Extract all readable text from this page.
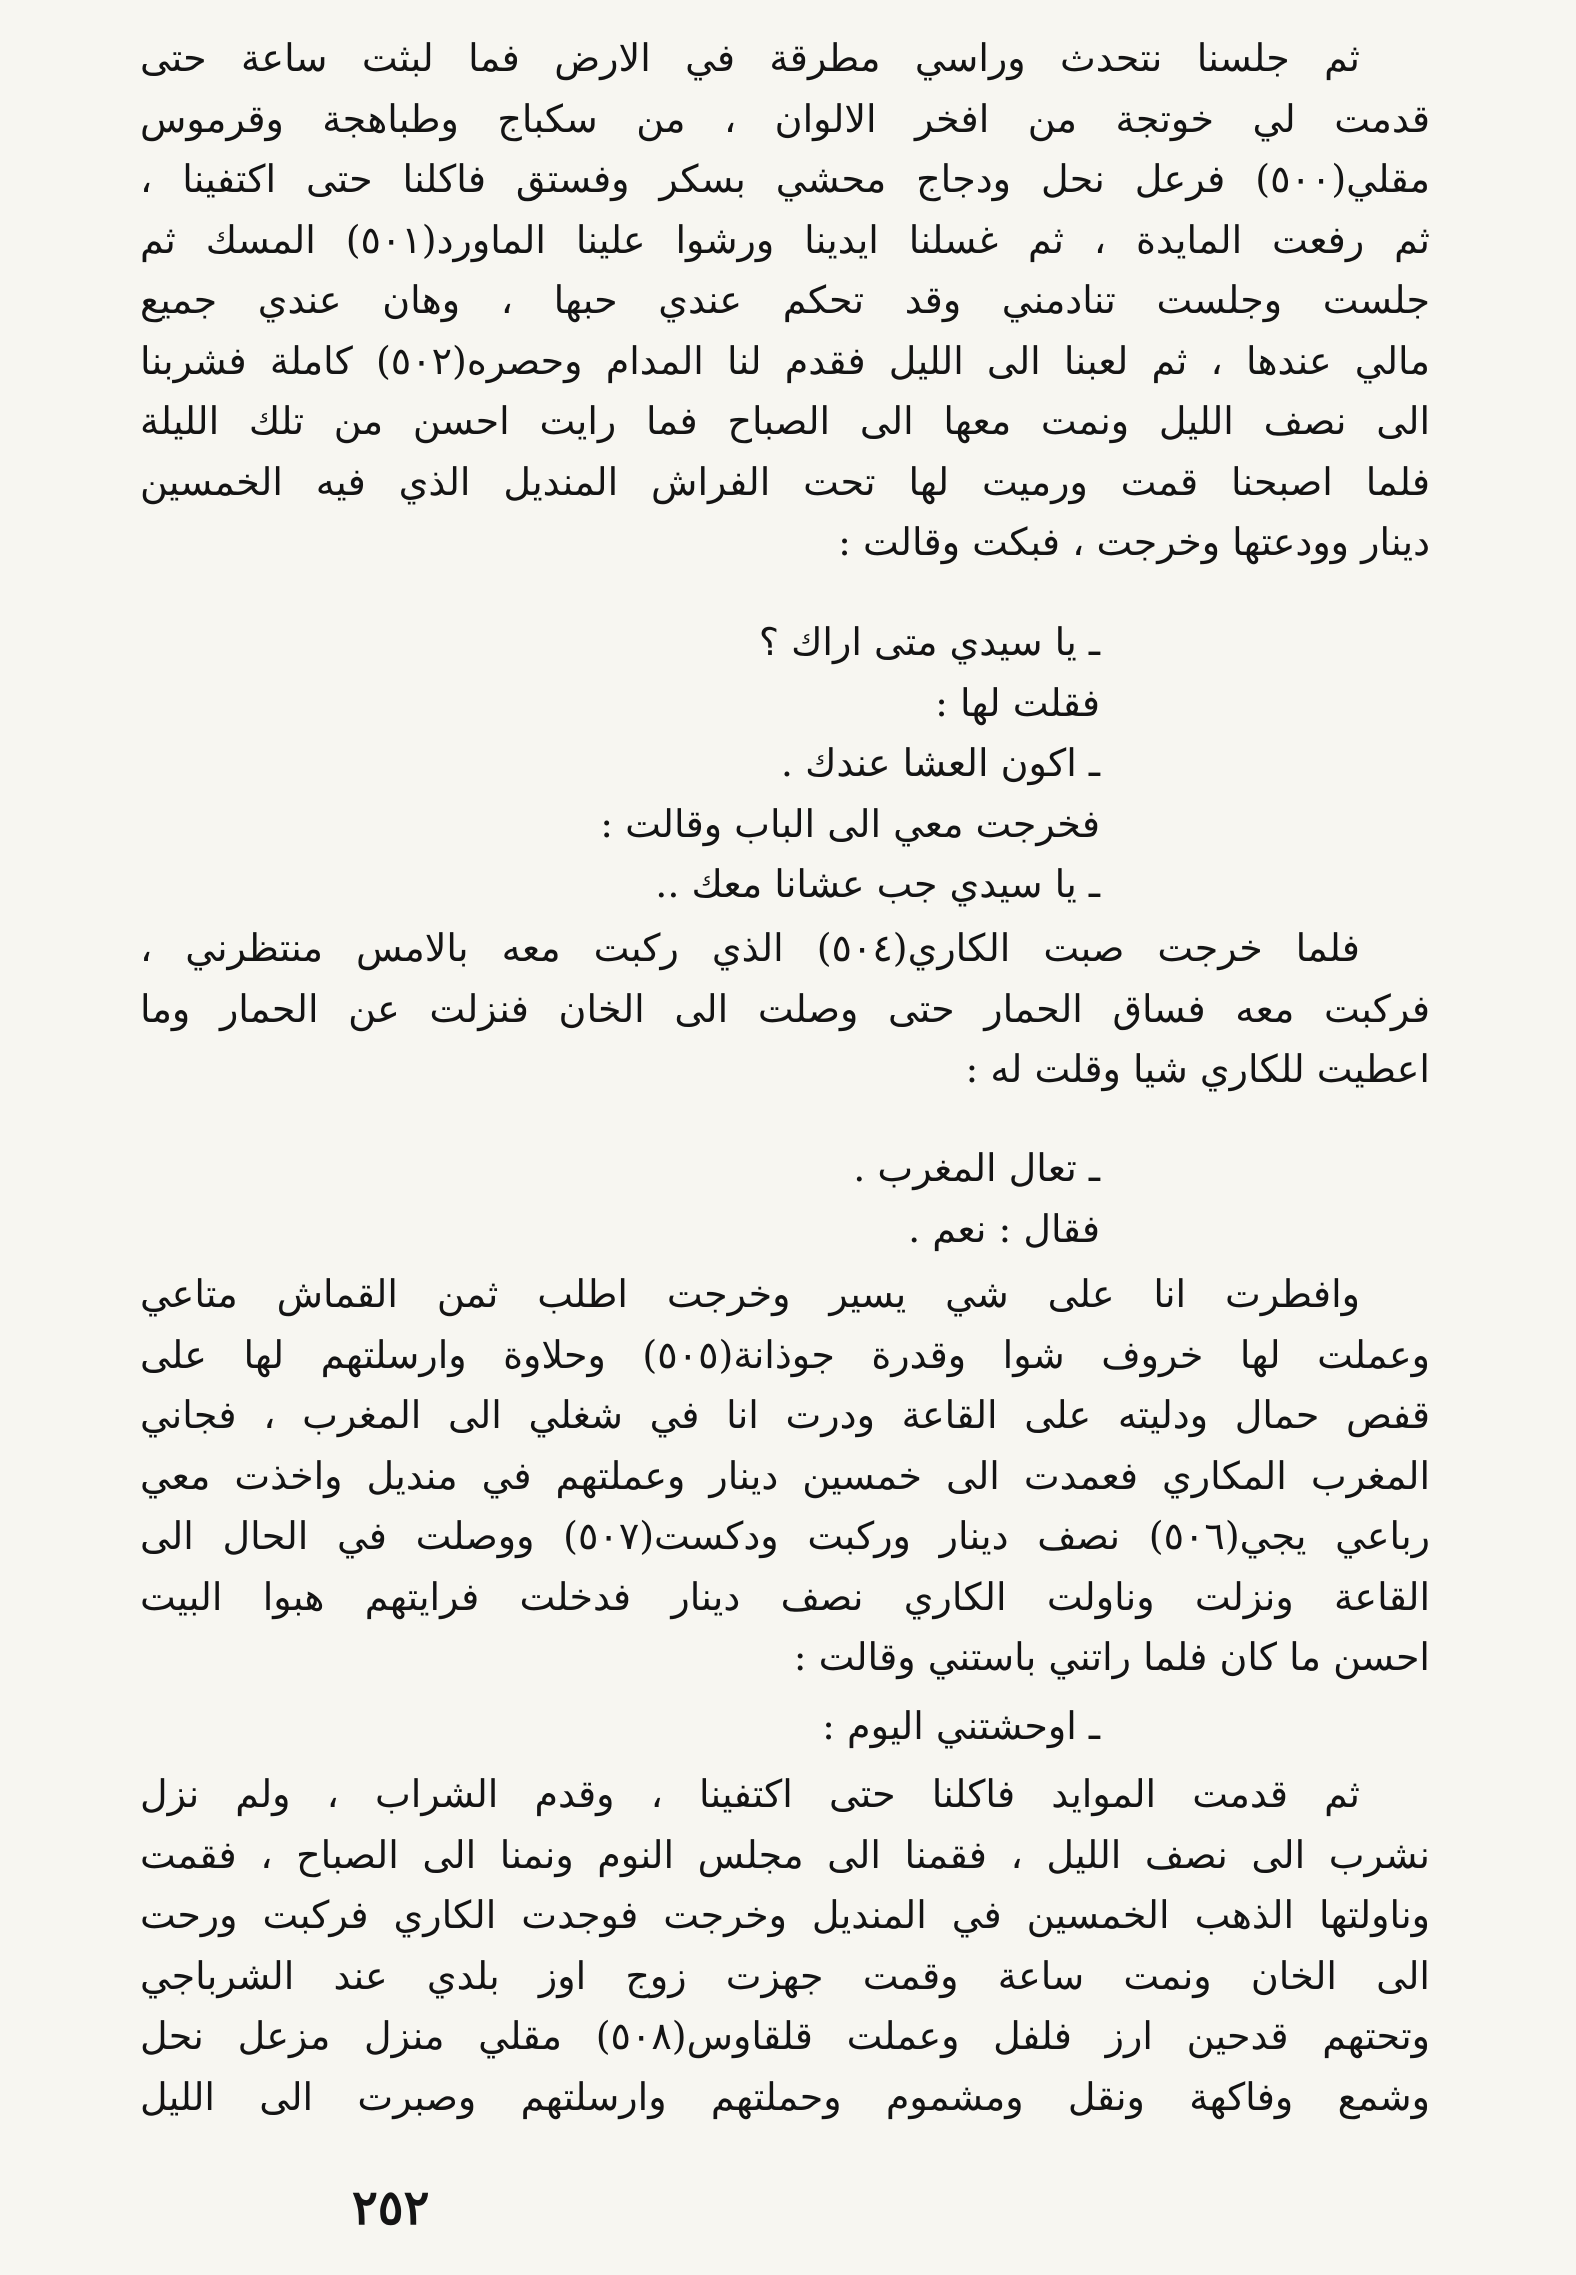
ثم جلسنا نتحدث وراسي مطرقة في الارض فما لبثت ساعة حتى
قدمت لي خوتجة من افخر الالوان ، من سكباج وطباهجة وقرموس
مقلي(٥٠٠) فرعل نحل ودجاج محشي بسكر وفستق فاكلنا حتى اكتفينا ،
ثم رفعت المايدة ، ثم غسلنا ايدينا ورشوا علينا الماورد(٥٠١) المسك ثم
جلست وجلست تنادمني وقد تحكم عندي حبها ، وهان عندي جميع
مالي عندها ، ثم لعبنا الى الليل فقدم لنا المدام وحصره(٥٠٢) كاملة فشربنا
الى نصف الليل ونمت معها الى الصباح فما رايت احسن من تلك الليلة
فلما اصبحنا قمت ورميت لها تحت الفراش المنديل الذي فيه الخمسين
دينار وودعتها وخرجت ، فبكت وقالت :
ـ يا سيدي متى اراك ؟
فقلت لها :
ـ اكون العشا عندك .
فخرجت معي الى الباب وقالت :
ـ يا سيدي جب عشانا معك ..
فلما خرجت صبت الكاري(٥٠٤) الذي ركبت معه بالامس منتظرني ،
فركبت معه فساق الحمار حتى وصلت الى الخان فنزلت عن الحمار وما
اعطيت للكاري شيا وقلت له :
ـ تعال المغرب .
فقال : نعم .
وافطرت انا على شي يسير وخرجت اطلب ثمن القماش متاعي
وعملت لها خروف شوا وقدرة جوذانة(٥٠٥) وحلاوة وارسلتهم لها على
قفص حمال ودليته على القاعة ودرت انا في شغلي الى المغرب ، فجاني
المغرب المكاري فعمدت الى خمسين دينار وعملتهم في منديل واخذت معي
رباعي يجي(٥٠٦) نصف دينار وركبت ودكست(٥٠٧) ووصلت في الحال الى
القاعة ونزلت وناولت الكاري نصف دينار فدخلت فرايتهم هبوا البيت
احسن ما كان فلما راتني باستني وقالت :
ـ اوحشتني اليوم :
ثم قدمت الموايد فاكلنا حتى اكتفينا ، وقدم الشراب ، ولم نزل
نشرب الى نصف الليل ، فقمنا الى مجلس النوم ونمنا الى الصباح ، فقمت
وناولتها الذهب الخمسين في المنديل وخرجت فوجدت الكاري فركبت ورحت
الى الخان ونمت ساعة وقمت جهزت زوج اوز بلدي عند الشرباجي
وتحتهم قدحين ارز فلفل وعملت قلقاوس(٥٠٨) مقلي منزل مزعل نحل
وشمع وفاكهة ونقل ومشموم وحملتهم وارسلتهم وصبرت الى الليل
٢٥٢
